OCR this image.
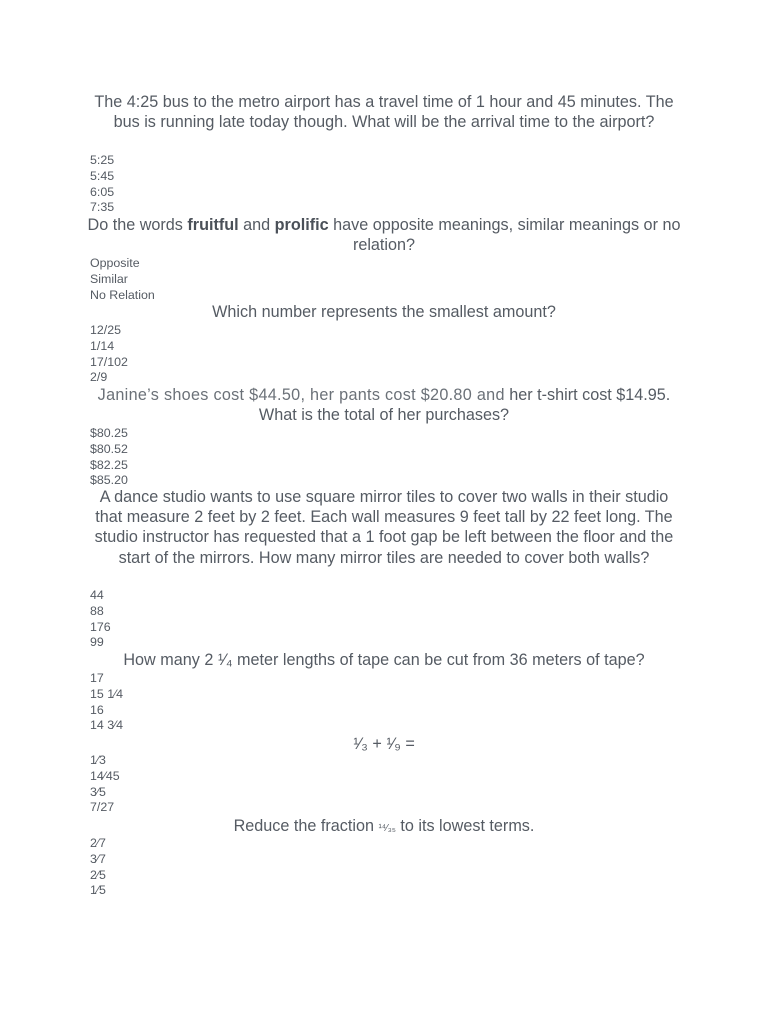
The 4:25 bus to the metro airport has a travel time of 1 hour and 45 minutes. The bus is running late today though. What will be the arrival time to the airport?

5:25
5:45
6:05
7:35

Do the words fruitful and prolific have opposite meanings, similar meanings or no relation?

Opposite
Similar
No Relation

Which number represents the smallest amount?

12/25
1/14
17/102
2/9

Janine’s shoes cost $44.50, her pants cost $20.80 and her t-shirt cost $14.95. What is the total of her purchases?

$80.25
$80.52
$82.25
$85.20

A dance studio wants to use square mirror tiles to cover two walls in their studio that measure 2 feet by 2 feet. Each wall measures 9 feet tall by 22 feet long. The studio instructor has requested that a 1 foot gap be left between the floor and the start of the mirrors. How many mirror tiles are needed to cover both walls?

44
88
176
99

How many 2 ¹⁄₄ meter lengths of tape can be cut from 36 meters of tape?

17
15 1⁄4
16
14 3⁄4

¹⁄₃ + ¹⁄₉ =

1⁄3
14⁄45
3⁄5
7/27

Reduce the fraction ¹⁴⁄₃₅ to its lowest terms.

2⁄7
3⁄7
2⁄5
1⁄5
